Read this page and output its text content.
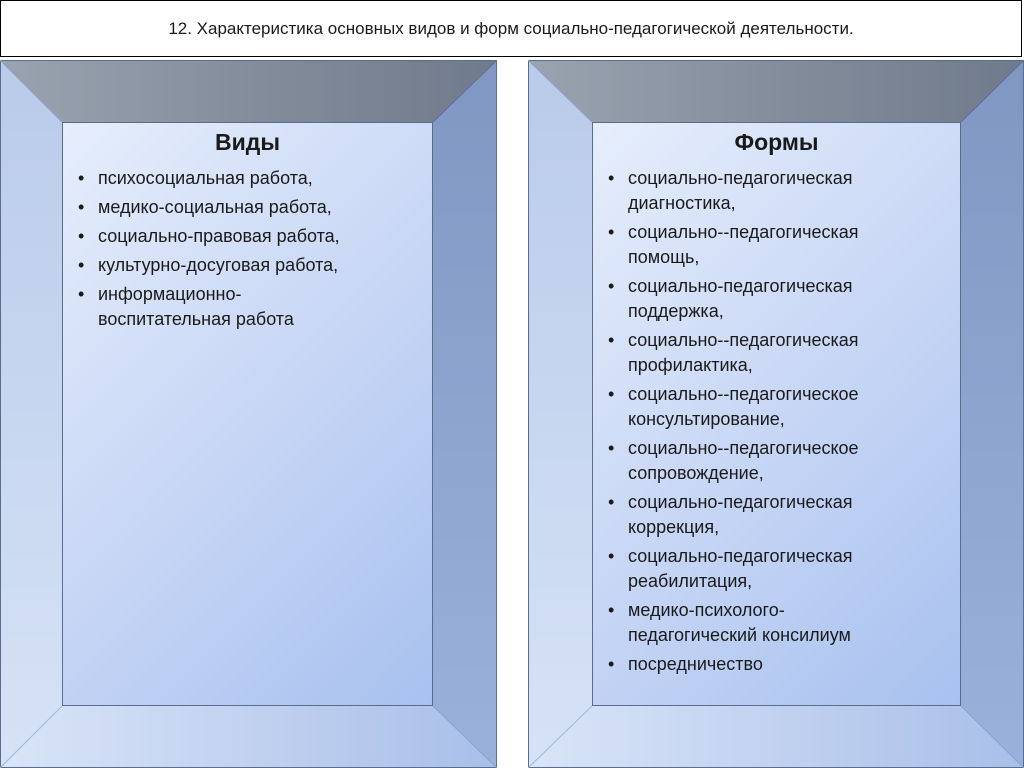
12. Характеристика основных видов и форм социально-педагогической деятельности.
Виды
• психосоциальная работа,
• медико-социальная работа,
• социально-правовая работа,
• культурно-досуговая работа,
• информационно-воспитательная работа
Формы
• социально-педагогическая диагностика,
• социально--педагогическая помощь,
• социально-педагогическая поддержка,
• социально--педагогическая профилактика,
• социально--педагогическое консультирование,
• социально--педагогическое сопровождение,
• социально-педагогическая коррекция,
• социально-педагогическая реабилитация,
• медико-психолого-педагогический консилиум
• посредничество
